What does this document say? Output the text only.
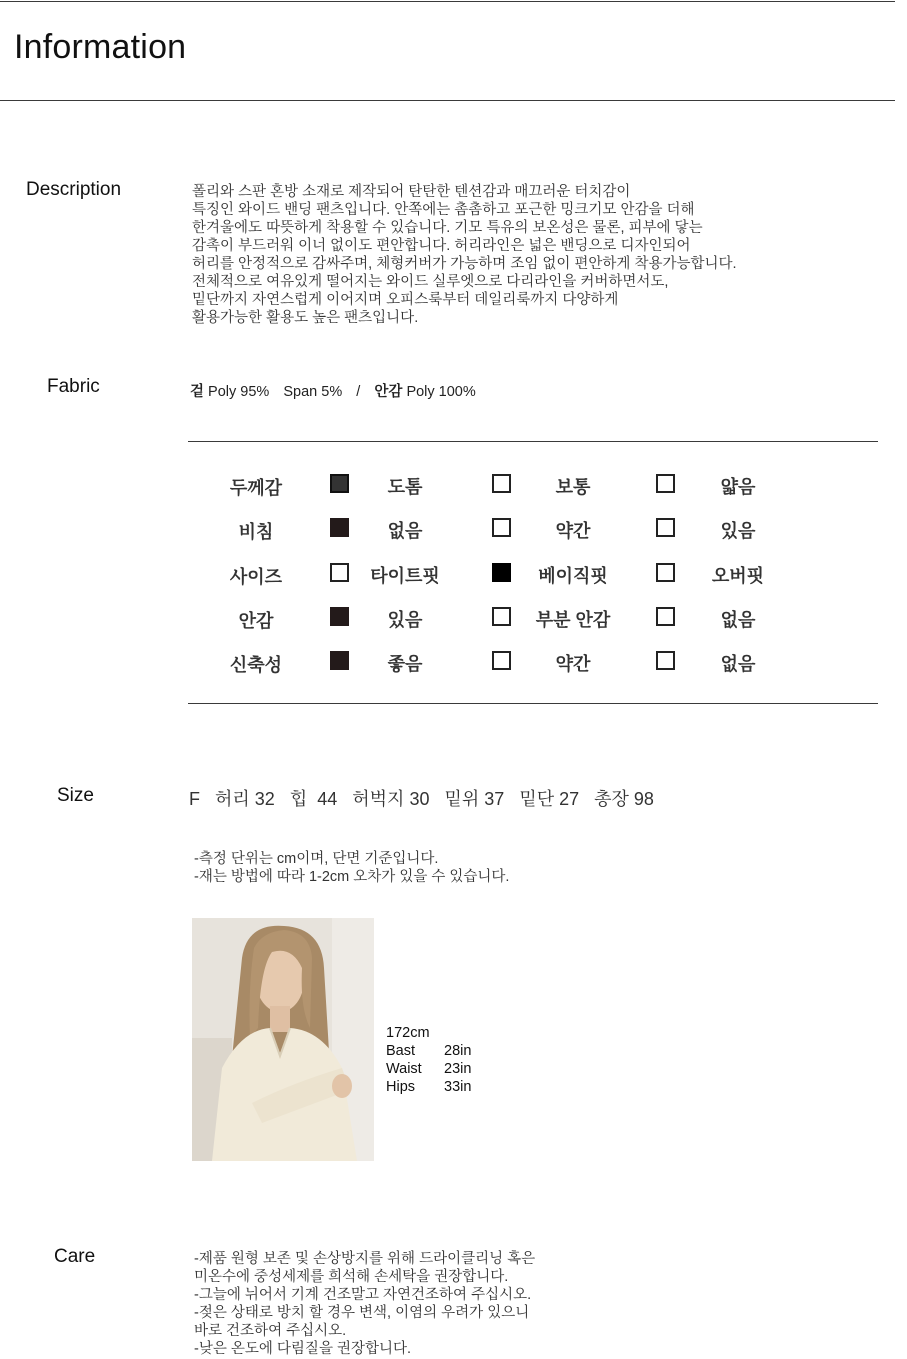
Information
Description	폴리와 스판 혼방 소재로 제작되어 탄탄한 텐션감과 매끄러운 터치감이
특징인 와이드 밴딩 팬츠입니다. 안쪽에는 촘촘하고 포근한 밍크기모 안감을 더해
한겨울에도 따뜻하게 착용할 수 있습니다. 기모 특유의 보온성은 물론, 피부에 닿는
감촉이 부드러워 이너 없이도 편안합니다. 허리라인은 넓은 밴딩으로 디자인되어
허리를 안정적으로 감싸주며, 체형커버가 가능하며 조임 없이 편안하게 착용가능합니다.
전체적으로 여유있게 떨어지는 와이드 실루엣으로 다리라인을 커버하면서도,
밑단까지 자연스럽게 이어지며 오피스룩부터 데일리룩까지 다양하게
활용가능한 활용도 높은 팬츠입니다.
Fabric	겉 Poly 95% Span 5% / 안감 Poly 100%
두께감	도톰	보통	얇음
비침	없음	약간	있음
사이즈	타이트핏	베이직핏	오버핏
안감	있음	부분 안감	없음
신축성	좋음	약간	없음
Size	F 허리 32 힙  44 허벅지 30 밑위 37 밑단 27 총장 98
-측정 단위는 cm이며, 단면 기준입니다.
-재는 방법에 따라 1-2cm 오차가 있을 수 있습니다.
172cm
Bast 28in
Waist 23in
Hips 33in
Care	-제품 원형 보존 및 손상방지를 위해 드라이클리닝 혹은
미온수에 중성세제를 희석해 손세탁을 권장합니다.
-그늘에 뉘어서 기계 건조말고 자연건조하여 주십시오.
-젖은 상태로 방치 할 경우 변색, 이염의 우려가 있으니
바로 건조하여 주십시오.
-낮은 온도에 다림질을 권장합니다.
